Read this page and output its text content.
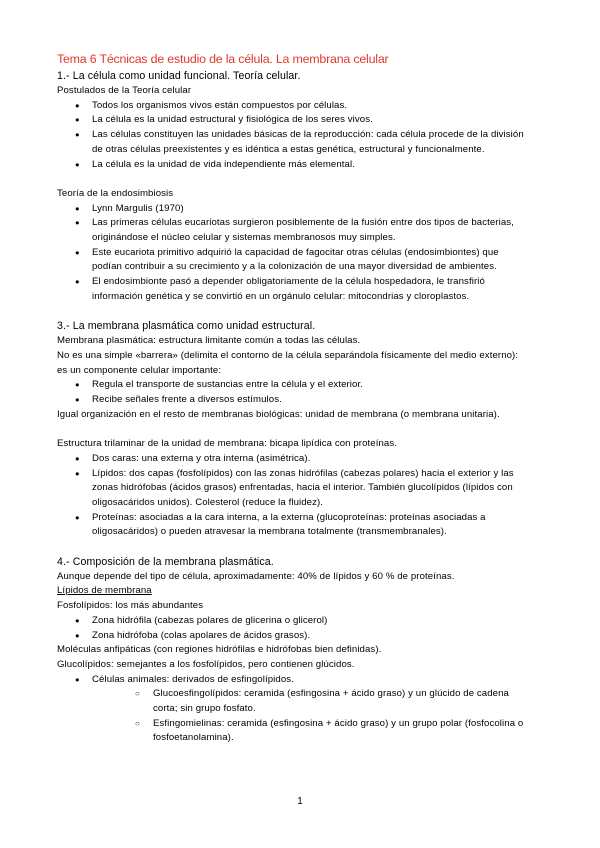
Tema 6 Técnicas de estudio de la célula. La membrana celular

1.- La célula como unidad funcional. Teoría celular.

Postulados de la Teoría celular

● Todos los organismos vivos están compuestos por células.
● La célula es la unidad estructural y fisiológica de los seres vivos.
● Las células constituyen las unidades básicas de la reproducción: cada célula procede de la división de otras células preexistentes y es idéntica a estas genética, estructural y funcionalmente.
● La célula es la unidad de vida independiente más elemental.

Teoría de la endosimbiosis

● Lynn Margulis (1970)
● Las primeras células eucariotas surgieron posiblemente de la fusión entre dos tipos de bacterias, originándose el núcleo celular y sistemas membranosos muy simples.
● Este eucariota primitivo adquirió la capacidad de fagocitar otras células (endosimbiontes) que podían contribuir a su crecimiento y a la colonización de una mayor diversidad de ambientes.
● El endosimbionte pasó a depender obligatoriamente de la célula hospedadora, le transfirió información genética y se convirtió en un orgánulo celular: mitocondrias y cloroplastos.

3.- La membrana plasmática como unidad estructural.

Membrana plasmática: estructura limitante común a todas las células.

No es una simple «barrera» (delimita el contorno de la célula separándola físicamente del medio externo): es un componente celular importante:

● Regula el transporte de sustancias entre la célula y el exterior.
● Recibe señales frente a diversos estímulos.

Igual organización en el resto de membranas biológicas: unidad de membrana (o membrana unitaria).

Estructura trilaminar de la unidad de membrana: bicapa lipídica con proteínas.

● Dos caras: una externa y otra interna (asimétrica).
● Lípidos: dos capas (fosfolípidos) con las zonas hidrófilas (cabezas polares) hacia el exterior y las zonas hidrófobas (ácidos grasos) enfrentadas, hacia el interior. También glucolípidos (lípidos con oligosacáridos unidos). Colesterol (reduce la fluidez).
● Proteínas: asociadas a la cara interna, a la externa (glucoproteínas: proteínas asociadas a oligosacáridos) o pueden atravesar la membrana totalmente (transmembranales).

4.- Composición de la membrana plasmática.

Aunque depende del tipo de célula, aproximadamente: 40% de lípidos y 60 % de proteínas.

Lípidos de membrana

Fosfolípidos: los más abundantes

● Zona hidrófila (cabezas polares de glicerina o glicerol)
● Zona hidrófoba (colas apolares de ácidos grasos).

Moléculas anfipáticas (con regiones hidrófilas e hidrófobas bien definidas).

Glucolípidos: semejantes a los fosfolípidos, pero contienen glúcidos.

● Células animales: derivados de esfingolípidos.
○ Glucoesfingolípidos: ceramida (esfingosina + ácido graso) y un glúcido de cadena corta; sin grupo fosfato.
○ Esfingomielinas: ceramida (esfingosina + ácido graso) y un grupo polar (fosfocolina o fosfoetanolamina).
1
